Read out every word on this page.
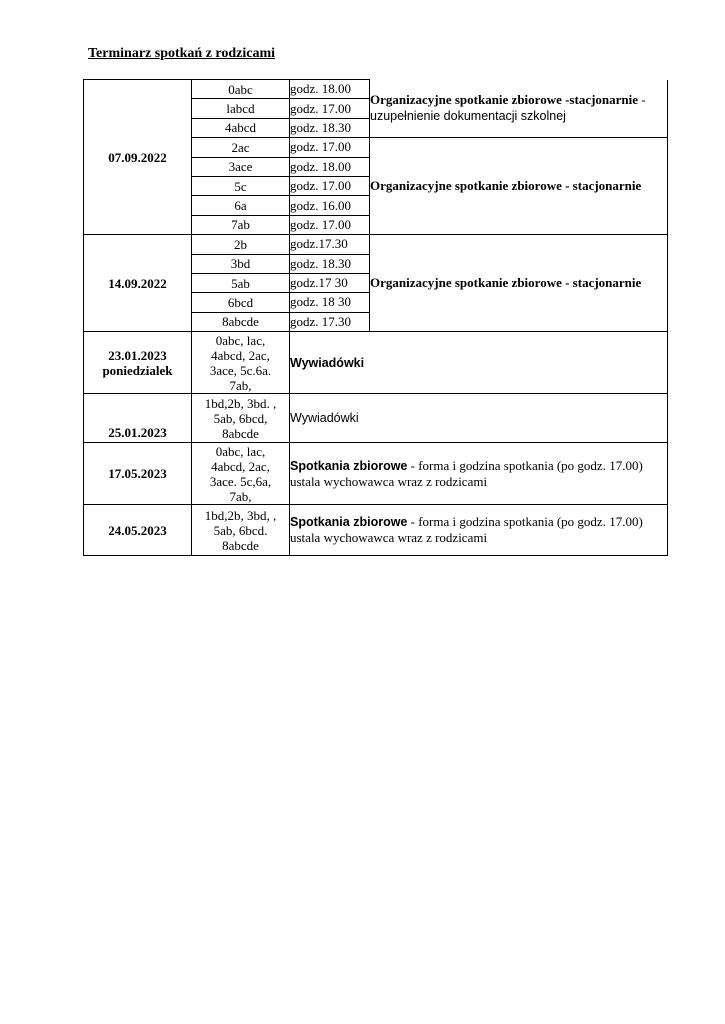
Terminarz spotkań z rodzicami
07.09.2022	0abc	godz. 18.00	Organizacyjne spotkanie zbiorowe -stacjonarnie -
uzupełnienie dokumentacji szkolnej
	labcd	godz. 17.00	
	4abcd	godz. 18.30	
	2ac	godz. 17.00	Organizacyjne spotkanie zbiorowe - stacjonarnie
	3ace	godz. 18.00	
	5c	godz. 17.00	
	6a	godz. 16.00	
	7ab	godz. 17.00	
14.09.2022	2b	godz.17.30	Organizacyjne spotkanie zbiorowe - stacjonarnie
	3bd	godz. 18.30	
	5ab	godz.17 30	
	6bcd	godz. 18 30	
	8abcde	godz. 17.30	

23.01.2023
poniedzialek	0abc, lac,
4abcd, 2ac,
3ace, 5c.6a.
7ab,	Wywiadówki	
25.01.2023	1bd,2b, 3bd. ,
5ab, 6bcd,
8abcde	Wywiadówki	
17.05.2023	0abc, lac,
4abcd, 2ac,
3ace. 5c,6a,
7ab,	Spotkania zbiorowe - forma i godzina spotkania (po godz. 17.00) ustala wychowawca wraz z rodzicami	
24.05.2023	1bd,2b, 3bd, ,
5ab, 6bcd.
8abcde	Spotkania zbiorowe - forma i godzina spotkania (po godz. 17.00) ustala wychowawca wraz z rodzicami	
